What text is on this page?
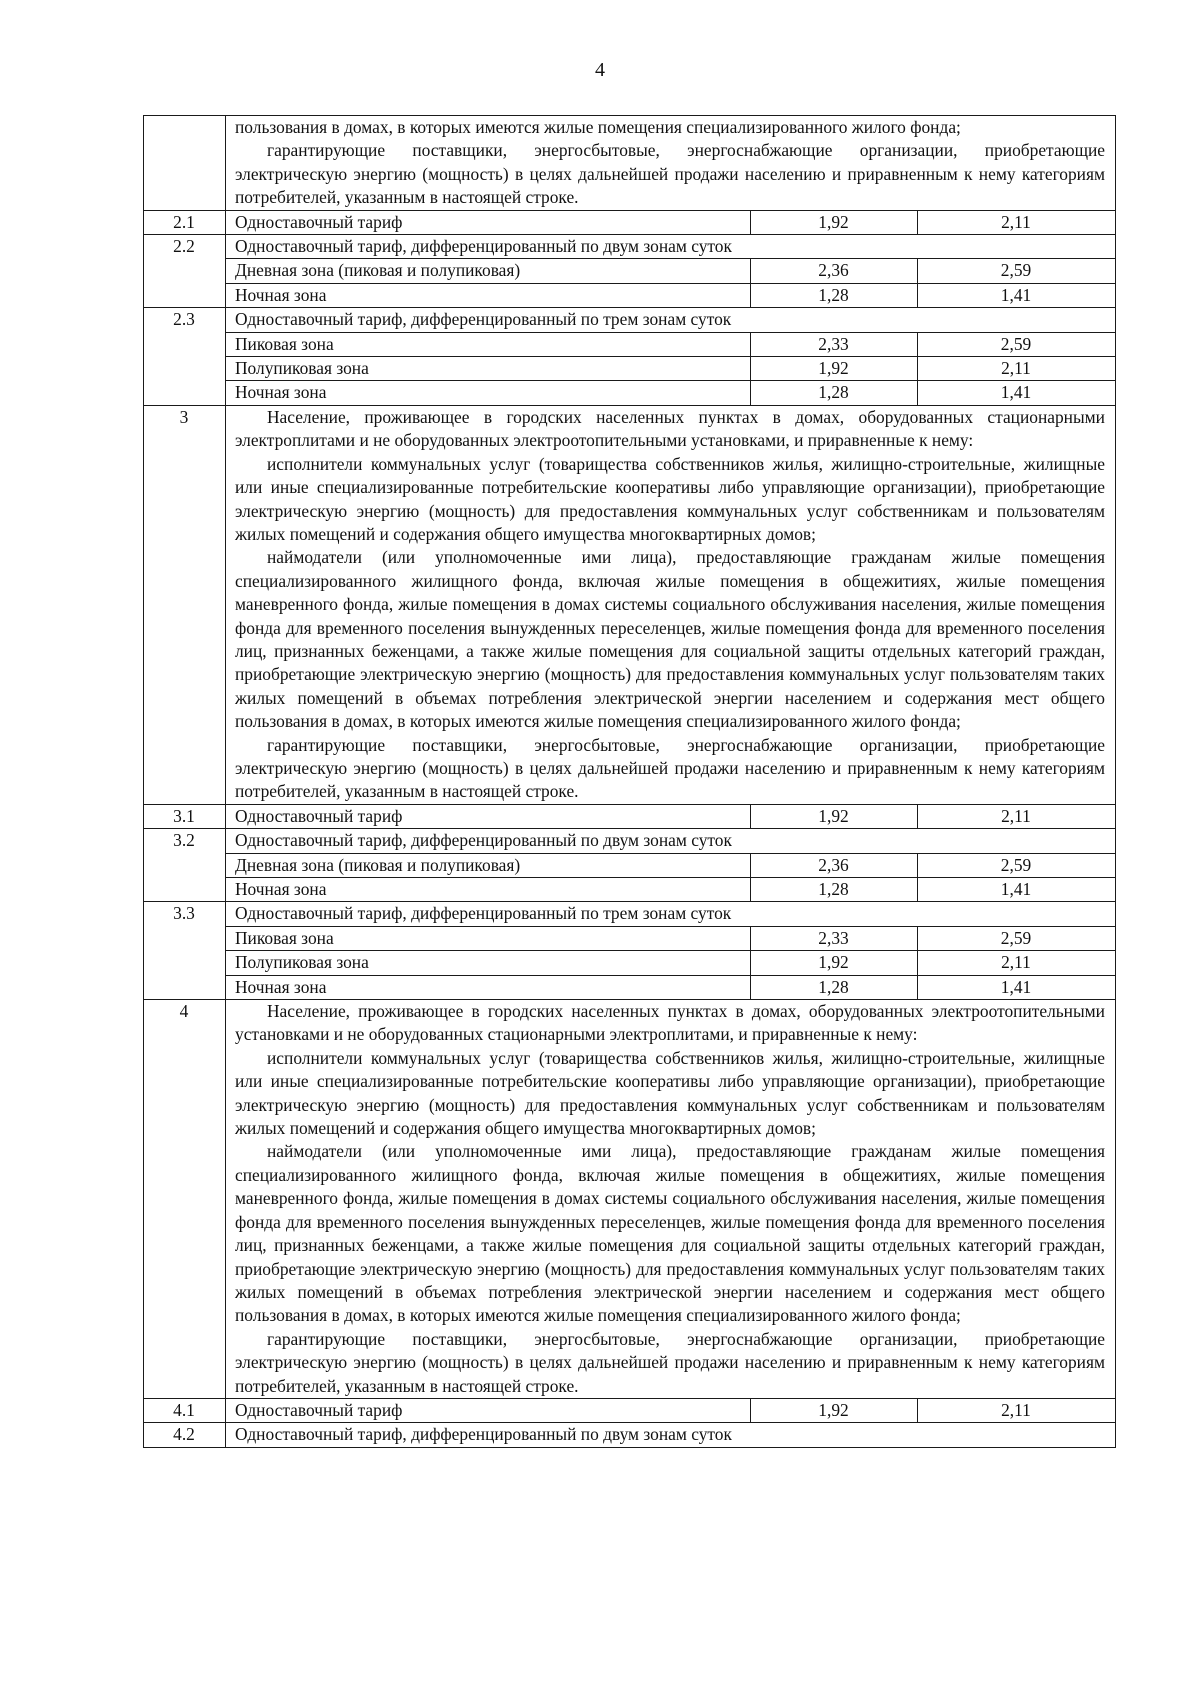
4

	пользования в домах, в которых имеются жилые помещения специализированного жилого фонда;

гарантирующие поставщики, энергосбытовые, энергоснабжающие организации, приобретающие электрическую энергию (мощность) в целях дальнейшей продажи населению и приравненным к нему категориям потребителей, указанным в настоящей строке.		

2.1	Одноставочный тариф	1,92	2,11
2.2	Одноставочный тариф, дифференцированный по двум зонам суток		
	Дневная зона (пиковая и полупиковая)	2,36	2,59
	Ночная зона	1,28	1,41
2.3	Одноставочный тариф, дифференцированный по трем зонам суток		
	Пиковая зона	2,33	2,59
	Полупиковая зона	1,92	2,11
	Ночная зона	1,28	1,41
3	Население, проживающее в городских населенных пунктах в домах, оборудованных стационарными электроплитами и не оборудованных электроотопительными установками, и приравненные к нему:

исполнители коммунальных услуг (товарищества собственников жилья, жилищно-строительные, жилищные или иные специализированные потребительские кооперативы либо управляющие организации), приобретающие электрическую энергию (мощность) для предоставления коммунальных услуг собственникам и пользователям жилых помещений и содержания общего имущества многоквартирных домов;

наймодатели (или уполномоченные ими лица), предоставляющие гражданам жилые помещения специализированного жилищного фонда, включая жилые помещения в общежитиях, жилые помещения маневренного фонда, жилые помещения в домах системы социального обслуживания населения, жилые помещения фонда для временного поселения вынужденных переселенцев, жилые помещения фонда для временного поселения лиц, признанных беженцами, а также жилые помещения для социальной защиты отдельных категорий граждан, приобретающие электрическую энергию (мощность) для предоставления коммунальных услуг пользователям таких жилых помещений в объемах потребления электрической энергии населением и содержания мест общего пользования в домах, в которых имеются жилые помещения специализированного жилого фонда;

гарантирующие поставщики, энергосбытовые, энергоснабжающие организации, приобретающие электрическую энергию (мощность) в целях дальнейшей продажи населению и приравненным к нему категориям потребителей, указанным в настоящей строке.		

3.1	Одноставочный тариф	1,92	2,11
3.2	Одноставочный тариф, дифференцированный по двум зонам суток		
	Дневная зона (пиковая и полупиковая)	2,36	2,59
	Ночная зона	1,28	1,41
3.3	Одноставочный тариф, дифференцированный по трем зонам суток		
	Пиковая зона	2,33	2,59
	Полупиковая зона	1,92	2,11
	Ночная зона	1,28	1,41
4	Население, проживающее в городских населенных пунктах в домах, оборудованных электроотопительными установками и не оборудованных стационарными электроплитами, и приравненные к нему:

исполнители коммунальных услуг (товарищества собственников жилья, жилищно-строительные, жилищные или иные специализированные потребительские кооперативы либо управляющие организации), приобретающие электрическую энергию (мощность) для предоставления коммунальных услуг собственникам и пользователям жилых помещений и содержания общего имущества многоквартирных домов;

наймодатели (или уполномоченные ими лица), предоставляющие гражданам жилые помещения специализированного жилищного фонда, включая жилые помещения в общежитиях, жилые помещения маневренного фонда, жилые помещения в домах системы социального обслуживания населения, жилые помещения фонда для временного поселения вынужденных переселенцев, жилые помещения фонда для временного поселения лиц, признанных беженцами, а также жилые помещения для социальной защиты отдельных категорий граждан, приобретающие электрическую энергию (мощность) для предоставления коммунальных услуг пользователям таких жилых помещений в объемах потребления электрической энергии населением и содержания мест общего пользования в домах, в которых имеются жилые помещения специализированного жилого фонда;

гарантирующие поставщики, энергосбытовые, энергоснабжающие организации, приобретающие электрическую энергию (мощность) в целях дальнейшей продажи населению и приравненным к нему категориям потребителей, указанным в настоящей строке.		

4.1	Одноставочный тариф	1,92	2,11
4.2	Одноставочный тариф, дифференцированный по двум зонам суток		
